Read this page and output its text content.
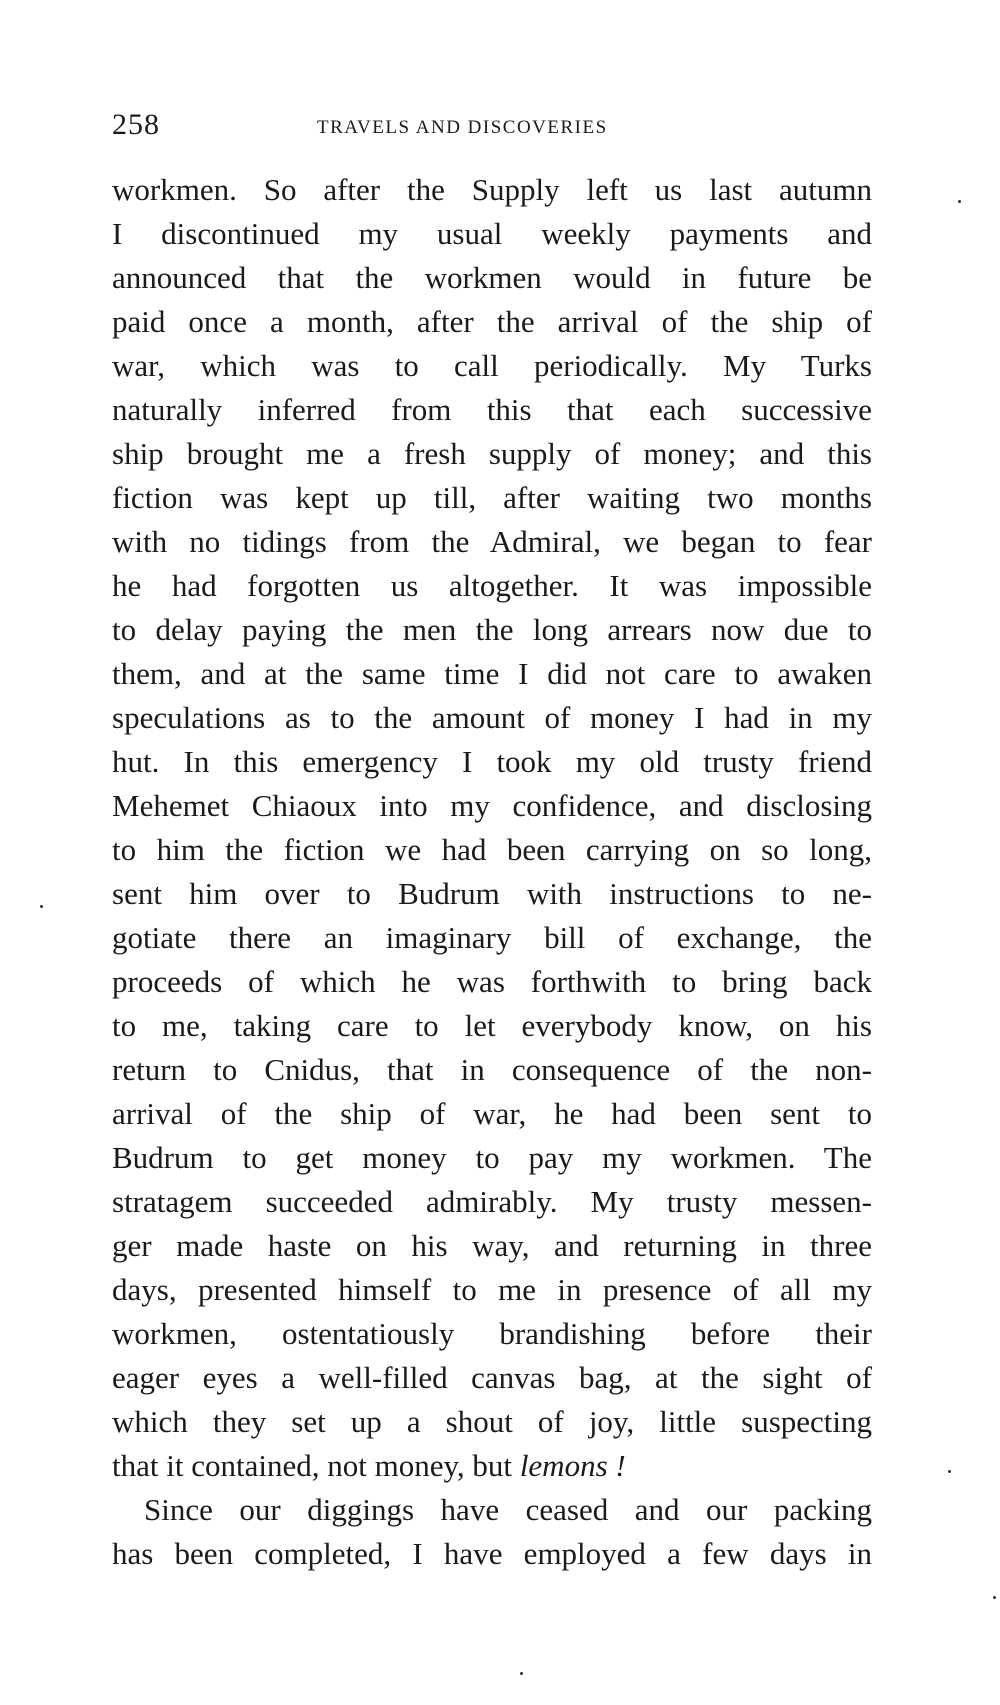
258	TRAVELS AND DISCOVERIES
workmen. So after the Supply left us last autumn
I discontinued my usual weekly payments and
announced that the workmen would in future be
paid once a month, after the arrival of the ship of
war, which was to call periodically. My Turks
naturally inferred from this that each successive
ship brought me a fresh supply of money; and this
fiction was kept up till, after waiting two months
with no tidings from the Admiral, we began to fear
he had forgotten us altogether. It was impossible
to delay paying the men the long arrears now due to
them, and at the same time I did not care to awaken
speculations as to the amount of money I had in my
hut. In this emergency I took my old trusty friend
Mehemet Chiaoux into my confidence, and disclosing
to him the fiction we had been carrying on so long,
sent him over to Budrum with instructions to ne-
gotiate there an imaginary bill of exchange, the
proceeds of which he was forthwith to bring back
to me, taking care to let everybody know, on his
return to Cnidus, that in consequence of the non-
arrival of the ship of war, he had been sent to
Budrum to get money to pay my workmen. The
stratagem succeeded admirably. My trusty messen-
ger made haste on his way, and returning in three
days, presented himself to me in presence of all my
workmen, ostentatiously brandishing before their
eager eyes a well-filled canvas bag, at the sight of
which they set up a shout of joy, little suspecting
that it contained, not money, but lemons !
Since our diggings have ceased and our packing
has been completed, I have employed a few days in
